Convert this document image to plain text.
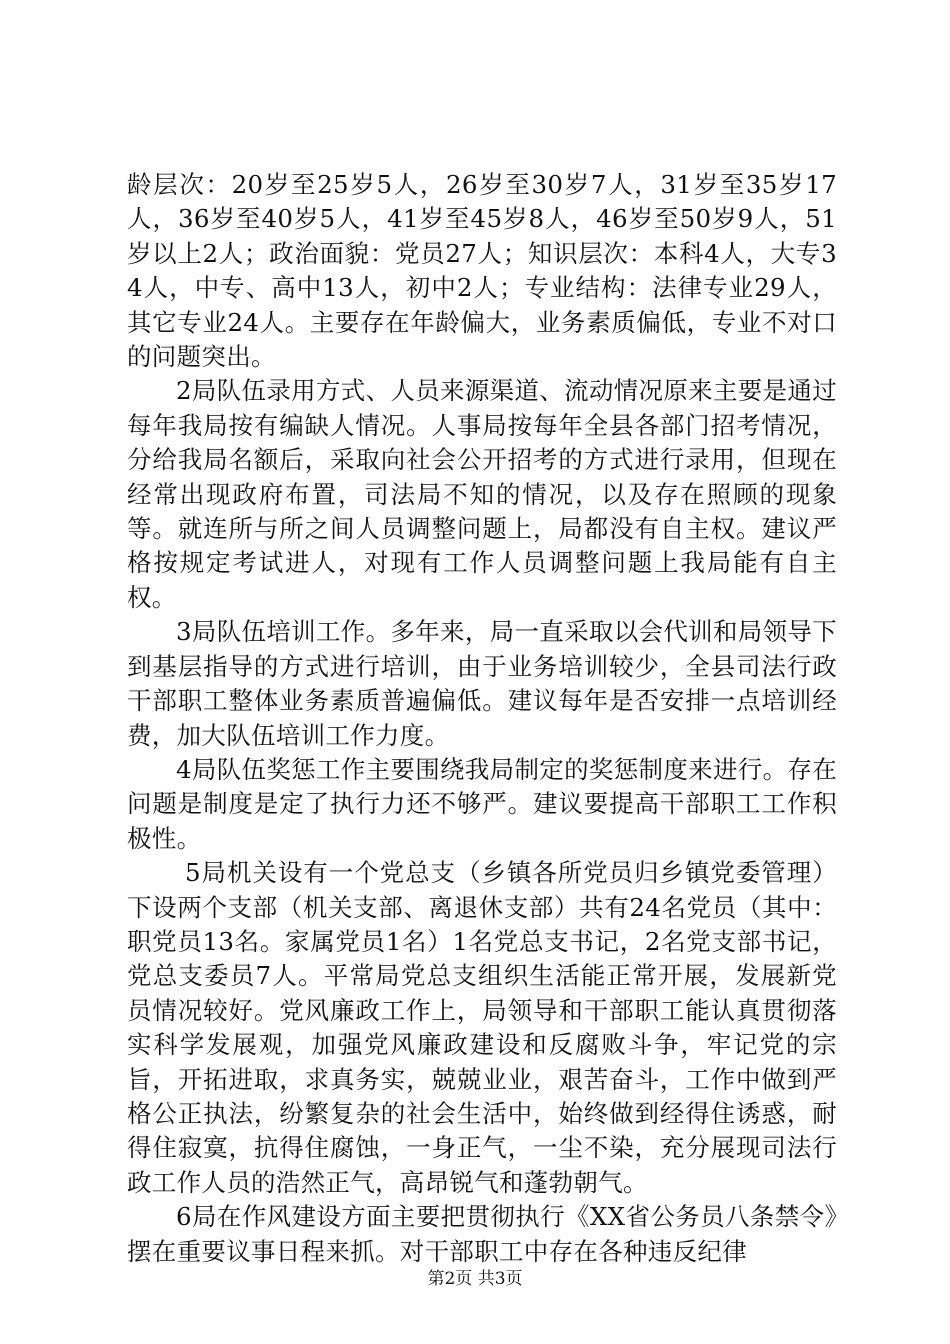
龄层次：20岁至25岁5人，26岁至30岁7人，31岁至35岁17人，36岁至40岁5人，41岁至45岁8人，46岁至50岁9人，51岁以上2人；政治面貌：党员27人；知识层次：本科4人，大专34人，中专、高中13人，初中2人；专业结构：法律专业29人，其它专业24人。主要存在年龄偏大，业务素质偏低，专业不对口的问题突出。

2局队伍录用方式、人员来源渠道、流动情况原来主要是通过每年我局按有编缺人情况。人事局按每年全县各部门招考情况，分给我局名额后，采取向社会公开招考的方式进行录用，但现在经常出现政府布置，司法局不知的情况，以及存在照顾的现象等。就连所与所之间人员调整问题上，局都没有自主权。建议严格按规定考试进人，对现有工作人员调整问题上我局能有自主权。

3局队伍培训工作。多年来，局一直采取以会代训和局领导下到基层指导的方式进行培训，由于业务培训较少，全县司法行政干部职工整体业务素质普遍偏低。建议每年是否安排一点培训经费，加大队伍培训工作力度。

4局队伍奖惩工作主要围绕我局制定的奖惩制度来进行。存在问题是制度是定了执行力还不够严。建议要提高干部职工工作积极性。

5局机关设有一个党总支（乡镇各所党员归乡镇党委管理）下设两个支部（机关支部、离退休支部）共有24名党员（其中：职党员13名。家属党员1名）1名党总支书记，2名党支部书记，党总支委员7人。平常局党总支组织生活能正常开展，发展新党员情况较好。党风廉政工作上，局领导和干部职工能认真贯彻落实科学发展观，加强党风廉政建设和反腐败斗争，牢记党的宗旨，开拓进取，求真务实，兢兢业业，艰苦奋斗，工作中做到严格公正执法，纷繁复杂的社会生活中，始终做到经得住诱惑，耐得住寂寞，抗得住腐蚀，一身正气，一尘不染，充分展现司法行政工作人员的浩然正气，高昂锐气和蓬勃朝气。

6局在作风建设方面主要把贯彻执行《XX省公务员八条禁令》摆在重要议事日程来抓。对干部职工中存在各种违反纪律

第2页 共3页
